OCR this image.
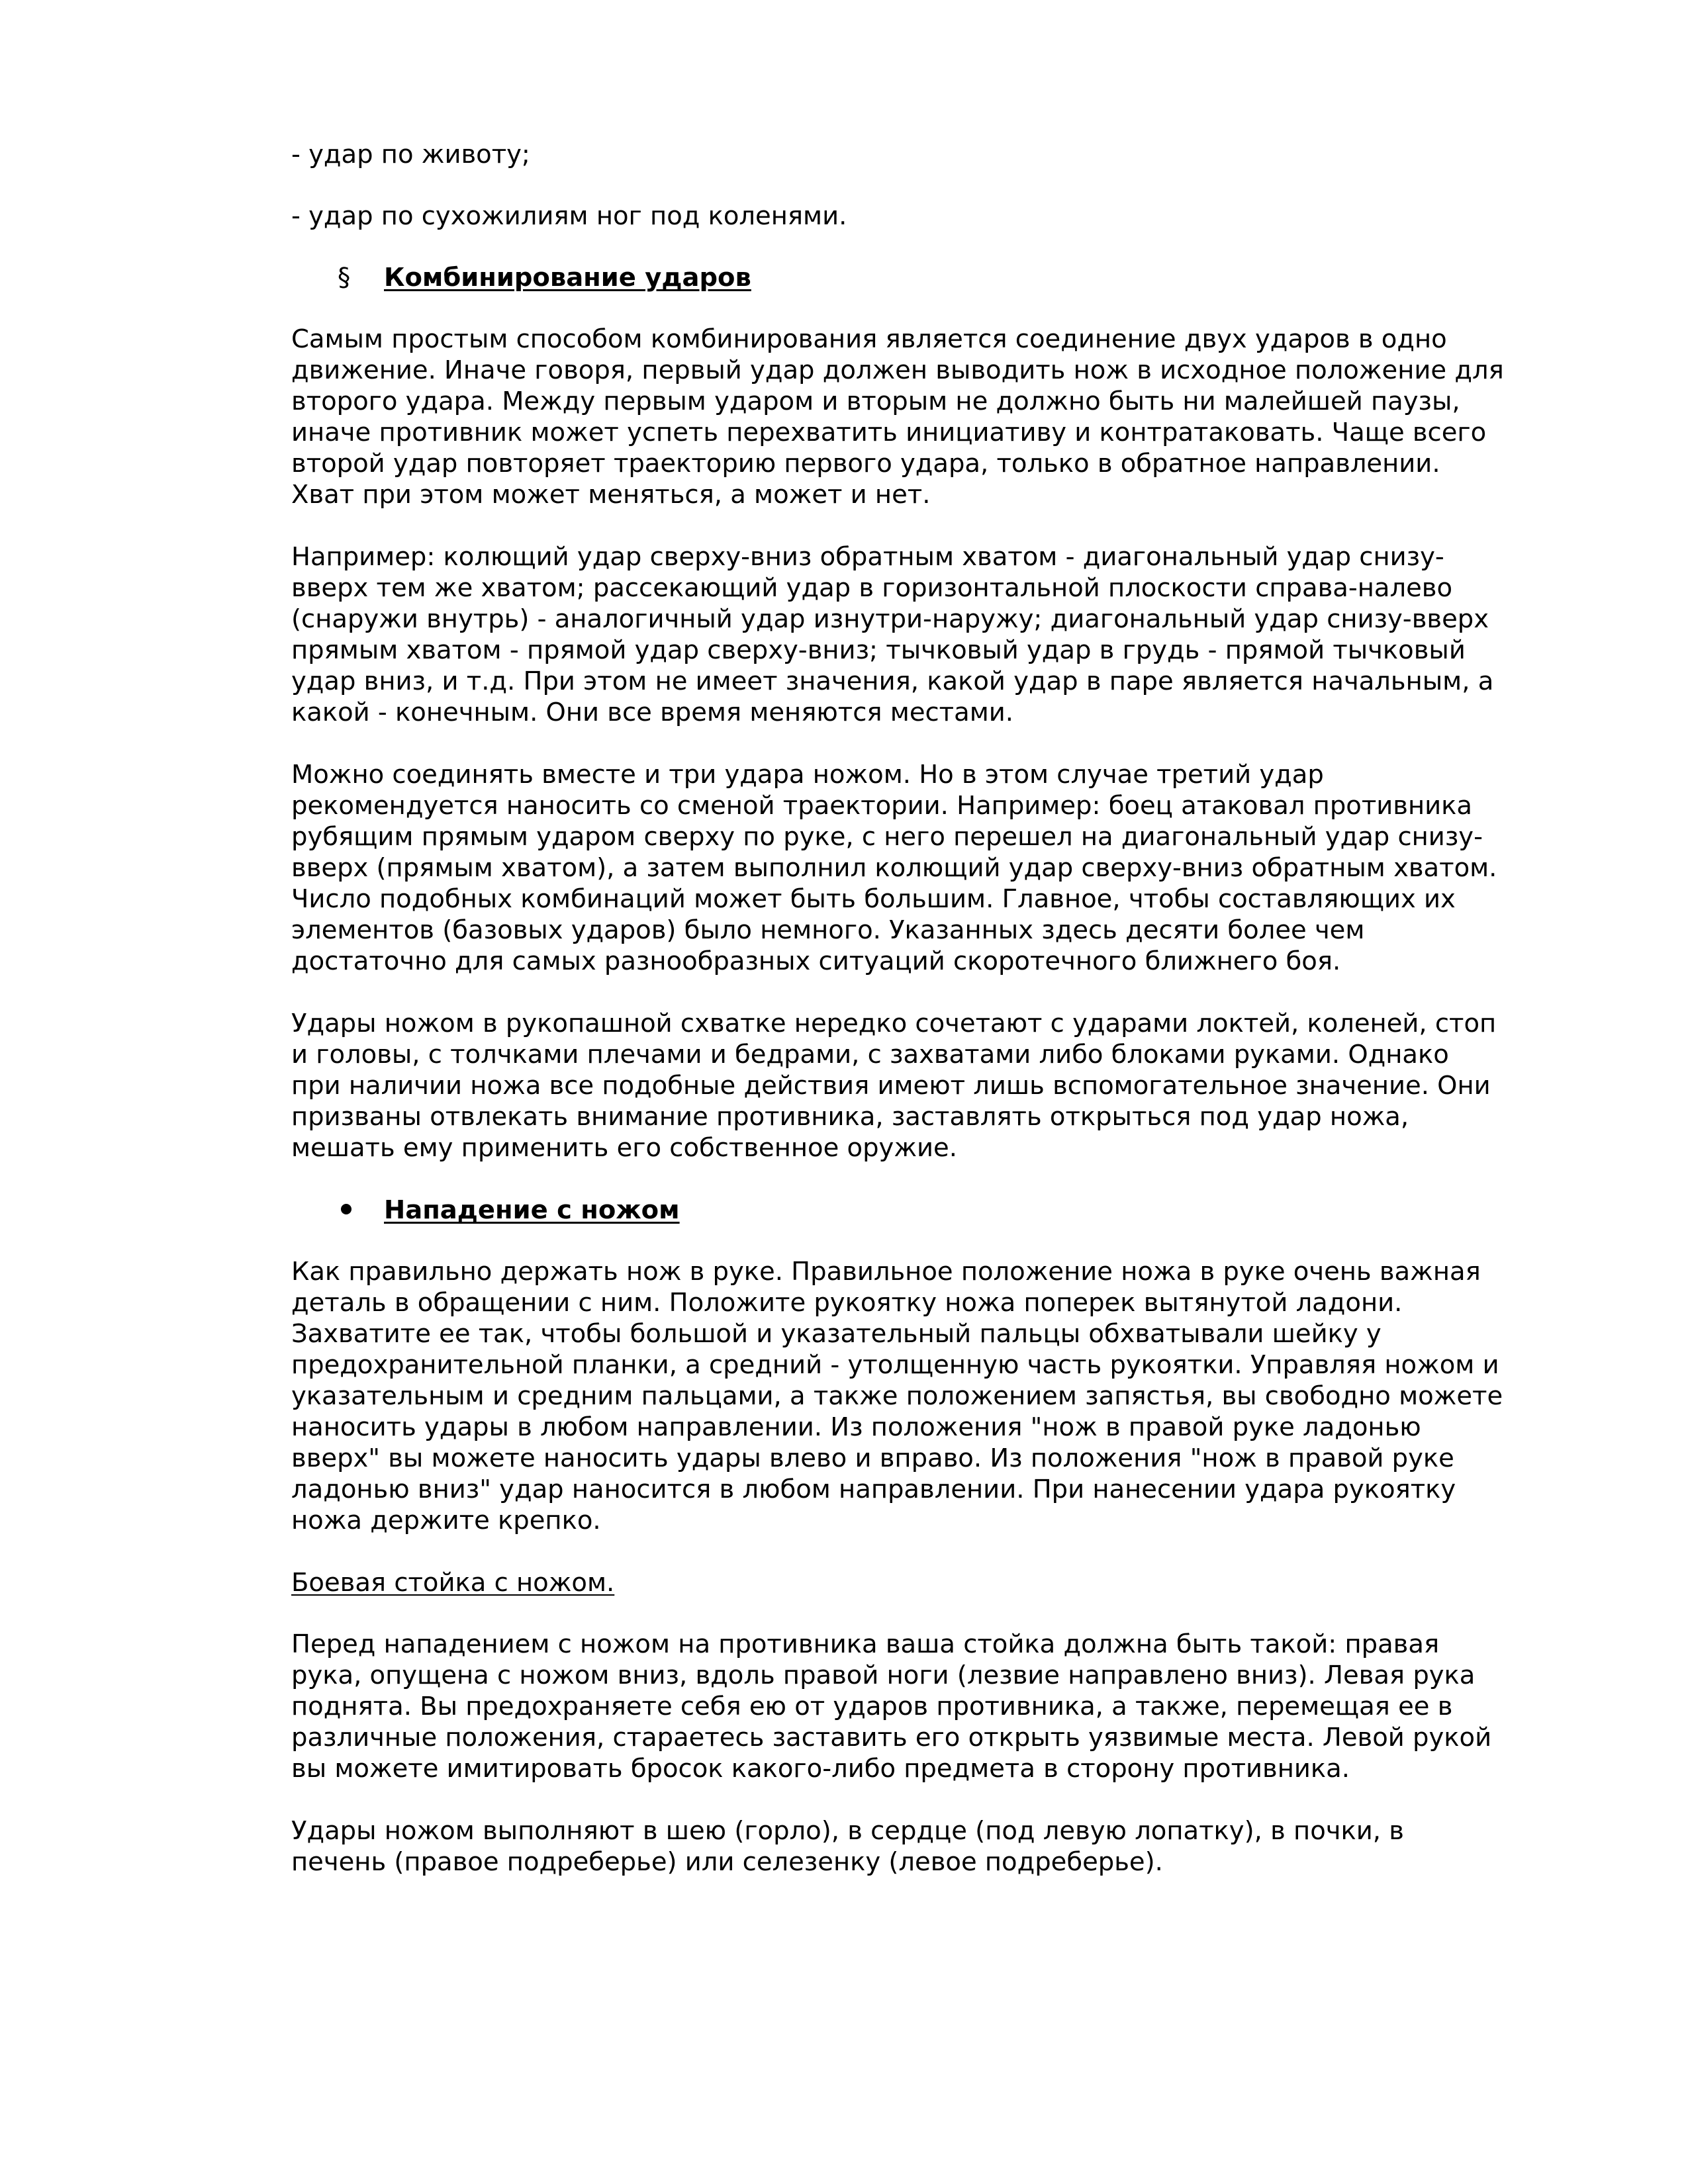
- удар по животу;
- удар по сухожилиям ног под коленями.
§ Комбинирование ударов
Самым простым способом комбинирования является соединение двух ударов в одно
движение. Иначе говоря, первый удар должен выводить нож в исходное положение для
второго удара. Между первым ударом и вторым не должно быть ни малейшей паузы,
иначе противник может успеть перехватить инициативу и контратаковать. Чаще всего
второй удар повторяет траекторию первого удара, только в обратное направлении.
Хват при этом может меняться, а может и нет.
Например: колющий удар сверху-вниз обратным хватом - диагональный удар снизу-
вверх тем же хватом; рассекающий удар в горизонтальной плоскости справа-налево
(снаружи внутрь) - аналогичный удар изнутри-наружу; диагональный удар снизу-вверх
прямым хватом - прямой удар сверху-вниз; тычковый удар в грудь - прямой тычковый
удар вниз, и т.д. При этом не имеет значения, какой удар в паре является начальным, а
какой - конечным. Они все время меняются местами.
Можно соединять вместе и три удара ножом. Но в этом случае третий удар
рекомендуется наносить со сменой траектории. Например: боец атаковал противника
рубящим прямым ударом сверху по руке, с него перешел на диагональный удар снизу-
вверх (прямым хватом), а затем выполнил колющий удар сверху-вниз обратным хватом.
Число подобных комбинаций может быть большим. Главное, чтобы составляющих их
элементов (базовых ударов) было немного. Указанных здесь десяти более чем
достаточно для самых разнообразных ситуаций скоротечного ближнего боя.
Удары ножом в рукопашной схватке нередко сочетают с ударами локтей, коленей, стоп
и головы, с толчками плечами и бедрами, с захватами либо блоками руками. Однако
при наличии ножа все подобные действия имеют лишь вспомогательное значение. Они
призваны отвлекать внимание противника, заставлять открыться под удар ножа,
мешать ему применить его собственное оружие.
Нападение с ножом
Как правильно держать нож в руке. Правильное положение ножа в руке очень важная
деталь в обращении с ним. Положите рукоятку ножа поперек вытянутой ладони.
Захватите ее так, чтобы большой и указательный пальцы обхватывали шейку у
предохранительной планки, а средний - утолщенную часть рукоятки. Управляя ножом и
указательным и средним пальцами, а также положением запястья, вы свободно можете
наносить удары в любом направлении. Из положения "нож в правой руке ладонью
вверх" вы можете наносить удары влево и вправо. Из положения "нож в правой руке
ладонью вниз" удар наносится в любом направлении. При нанесении удара рукоятку
ножа держите крепко.
Боевая стойка с ножом.
Перед нападением с ножом на противника ваша стойка должна быть такой: правая
рука, опущена с ножом вниз, вдоль правой ноги (лезвие направлено вниз). Левая рука
поднята. Вы предохраняете себя ею от ударов противника, а также, перемещая ее в
различные положения, стараетесь заставить его открыть уязвимые места. Левой рукой
вы можете имитировать бросок какого-либо предмета в сторону противника.
Удары ножом выполняют в шею (горло), в сердце (под левую лопатку), в почки, в
печень (правое подреберье) или селезенку (левое подреберье).
